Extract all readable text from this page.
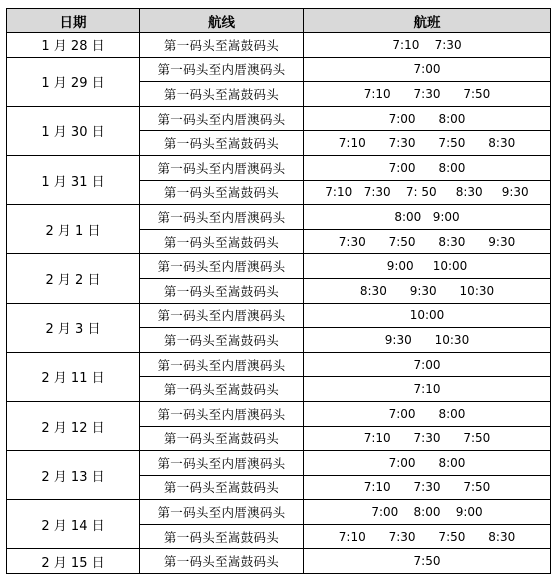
日期	航线	航班
1 月 28 日	第一码头至嵩鼓码头	7:10    7:30
1 月 29 日	第一码头至内厝澳码头	7:00
	第一码头至嵩鼓码头	7:10      7:30      7:50
1 月 30 日	第一码头至内厝澳码头	7:00      8:00
	第一码头至嵩鼓码头	7:10      7:30      7:50      8:30
1 月 31 日	第一码头至内厝澳码头	7:00      8:00
	第一码头至嵩鼓码头	7:10   7:30    7: 50     8:30     9:30
2 月 1 日	第一码头至内厝澳码头	8:00   9:00
	第一码头至嵩鼓码头	7:30      7:50      8:30      9:30
2 月 2 日	第一码头至内厝澳码头	9:00     10:00
	第一码头至嵩鼓码头	8:30      9:30      10:30
2 月 3 日	第一码头至内厝澳码头	10:00
	第一码头至嵩鼓码头	9:30      10:30
2 月 11 日	第一码头至内厝澳码头	7:00
	第一码头至嵩鼓码头	7:10
2 月 12 日	第一码头至内厝澳码头	7:00      8:00
	第一码头至嵩鼓码头	7:10      7:30      7:50
2 月 13 日	第一码头至内厝澳码头	7:00      8:00
	第一码头至嵩鼓码头	7:10      7:30      7:50
2 月 14 日	第一码头至内厝澳码头	7:00    8:00    9:00
	第一码头至嵩鼓码头	7:10      7:30      7:50      8:30
2 月 15 日	第一码头至嵩鼓码头	7:50
